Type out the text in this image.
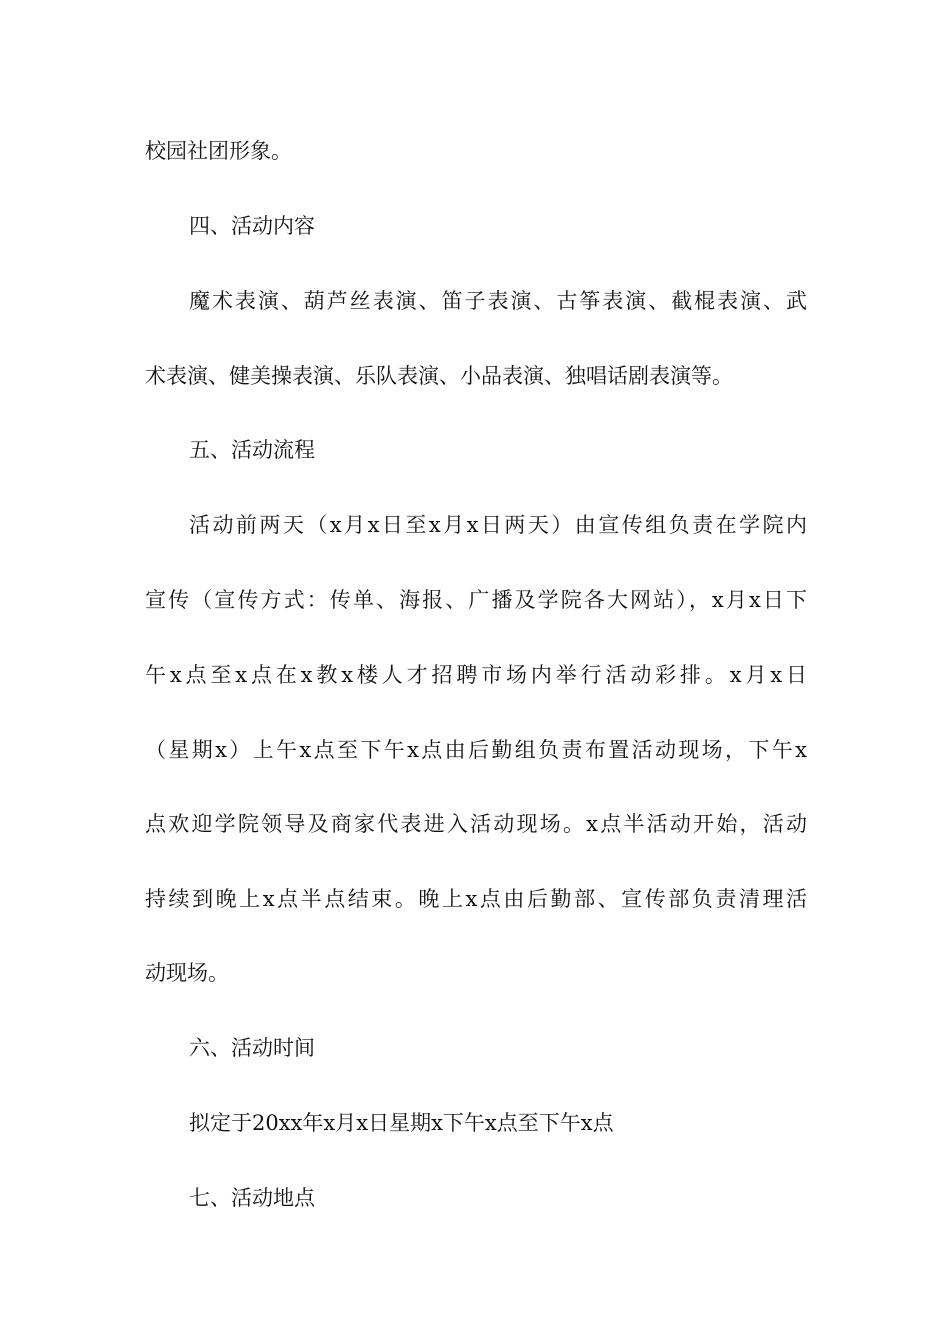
校园社团形象。
四、活动内容
魔术表演、葫芦丝表演、笛子表演、古筝表演、截棍表演、武
术表演、健美操表演、乐队表演、小品表演、独唱话剧表演等。
五、活动流程
活动前两天（x月x日至x月x日两天）由宣传组负责在学院内
宣传（宣传方式：传单、海报、广播及学院各大网站），x月x日下
午x点至x点在x教x楼人才招聘市场内举行活动彩排。x月x日
（星期x）上午x点至下午x点由后勤组负责布置活动现场，下午x
点欢迎学院领导及商家代表进入活动现场。x点半活动开始，活动
持续到晚上x点半点结束。晚上x点由后勤部、宣传部负责清理活
动现场。
六、活动时间
拟定于20xx年x月x日星期x下午x点至下午x点
七、活动地点
